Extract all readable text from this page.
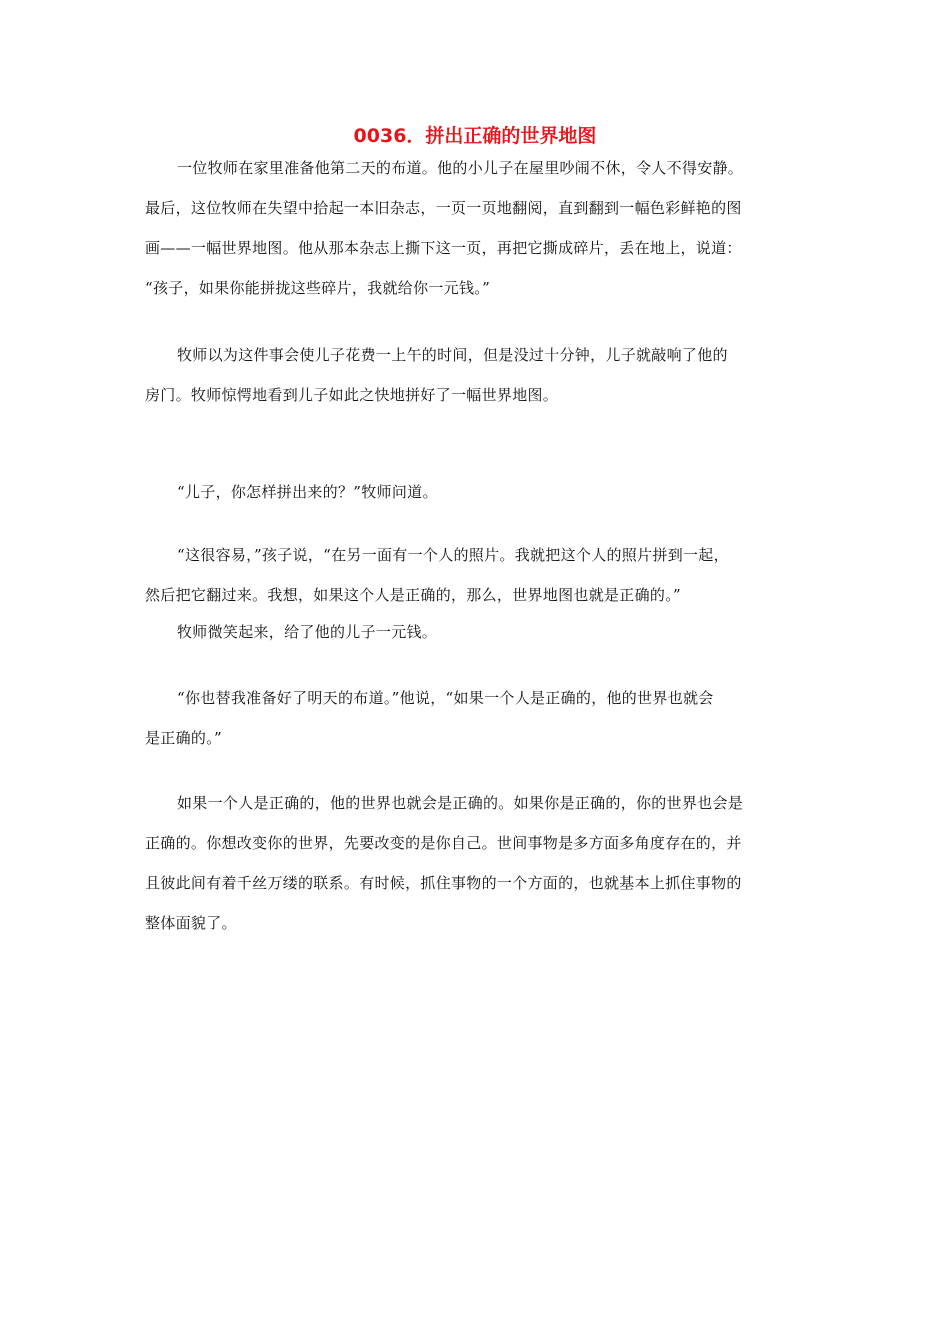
0036．拼出正确的世界地图
一位牧师在家里准备他第二天的布道。他的小儿子在屋里吵闹不休，令人不得安静。
最后，这位牧师在失望中拾起一本旧杂志，一页一页地翻阅，直到翻到一幅色彩鲜艳的图
画——一幅世界地图。他从那本杂志上撕下这一页，再把它撕成碎片，丢在地上，说道：
“孩子，如果你能拼拢这些碎片，我就给你一元钱。”
牧师以为这件事会使儿子花费一上午的时间，但是没过十分钟，儿子就敲响了他的
房门。牧师惊愕地看到儿子如此之快地拼好了一幅世界地图。
“儿子，你怎样拼出来的？”牧师问道。
“这很容易，”孩子说，“在另一面有一个人的照片。我就把这个人的照片拼到一起，
然后把它翻过来。我想，如果这个人是正确的，那么，世界地图也就是正确的。”
牧师微笑起来，给了他的儿子一元钱。
“你也替我准备好了明天的布道。”他说，“如果一个人是正确的，他的世界也就会
是正确的。”
如果一个人是正确的，他的世界也就会是正确的。如果你是正确的，你的世界也会是
正确的。你想改变你的世界，先要改变的是你自己。世间事物是多方面多角度存在的，并
且彼此间有着千丝万缕的联系。有时候，抓住事物的一个方面的，也就基本上抓住事物的
整体面貌了。
